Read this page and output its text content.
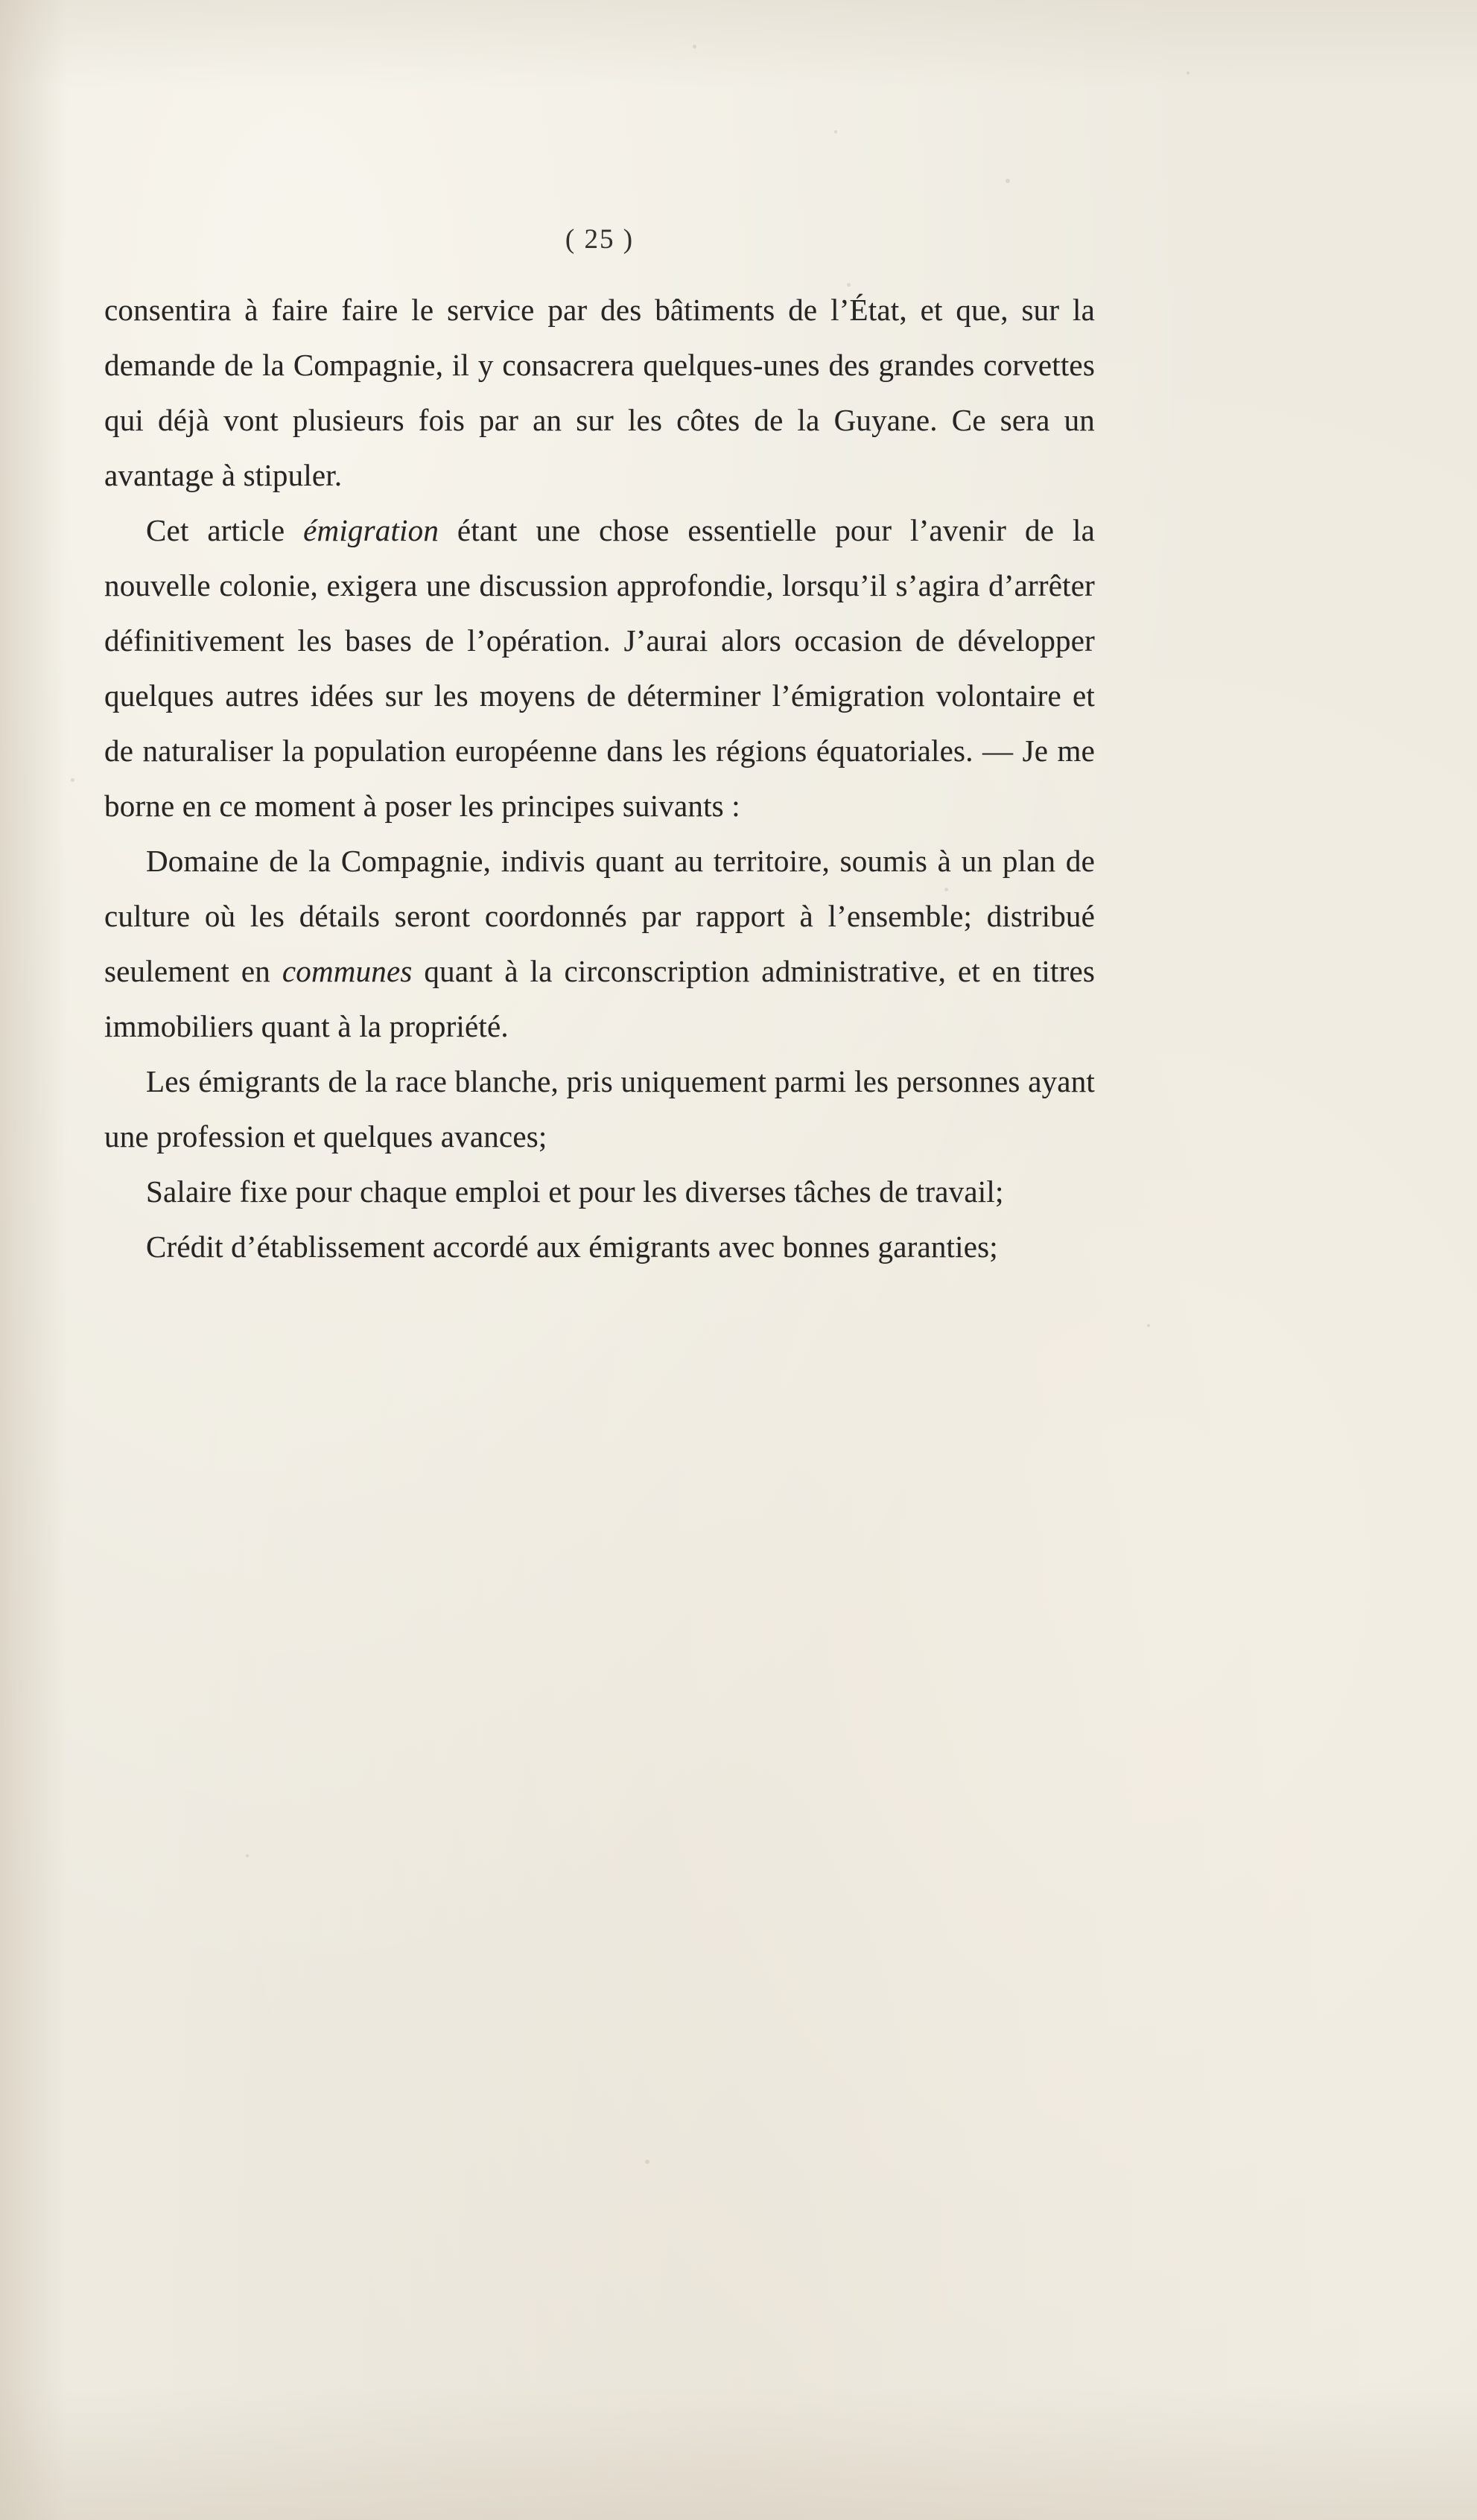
( 25 )

consentira à faire faire le service par des bâtiments de l’État, et que, sur la demande de la Compagnie, il y consacrera quelques-unes des grandes corvettes qui déjà vont plusieurs fois par an sur les côtes de la Guyane. Ce sera un avantage à stipuler.

Cet article émigration étant une chose essentielle pour l’avenir de la nouvelle colonie, exigera une discussion approfondie, lorsqu’il s’agira d’arrêter définitivement les bases de l’opération. J’aurai alors occasion de développer quelques autres idées sur les moyens de déterminer l’émigration volontaire et de naturaliser la population européenne dans les régions équatoriales. — Je me borne en ce moment à poser les principes suivants :

Domaine de la Compagnie, indivis quant au territoire, soumis à un plan de culture où les détails seront coordonnés par rapport à l’ensemble; distribué seulement en communes quant à la circonscription administrative, et en titres immobiliers quant à la propriété.

Les émigrants de la race blanche, pris uniquement parmi les personnes ayant une profession et quelques avances;

Salaire fixe pour chaque emploi et pour les diverses tâches de travail;

Crédit d’établissement accordé aux émigrants avec bonnes garanties;
